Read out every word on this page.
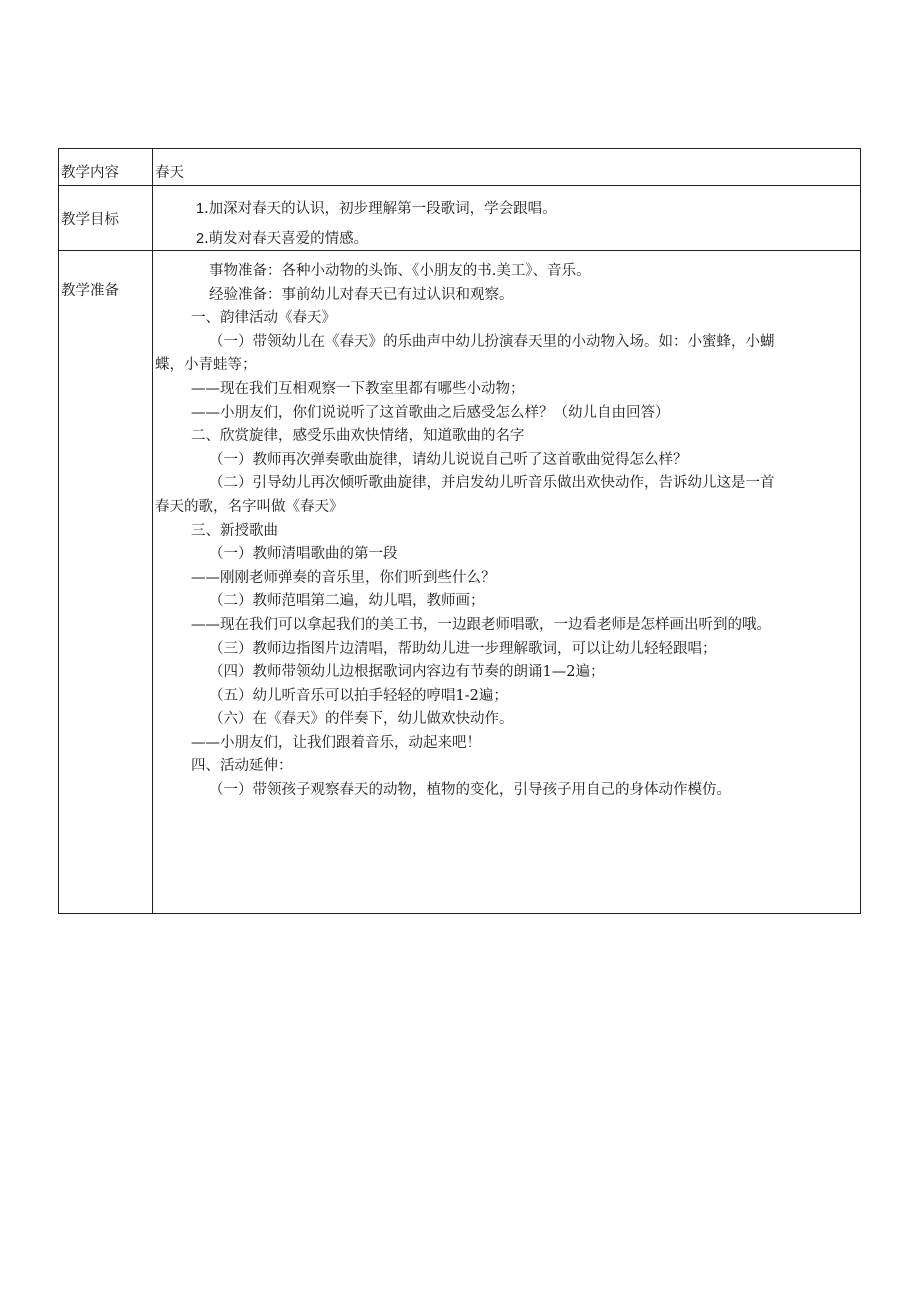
教学内容 春天
教学目标
1.加深对春天的认识，初步理解第一段歌词，学会跟唱。
2.萌发对春天喜爱的情感。
教学准备

事物准备：各种小动物的头饰、《小朋友的书.美工》、音乐。

经验准备：事前幼儿对春天已有过认识和观察。

一、韵律活动《春天》

（一）带领幼儿在《春天》的乐曲声中幼儿扮演春天里的小动物入场。如：小蜜蜂，小蝴

蝶，小青蛙等；

——现在我们互相观察一下教室里都有哪些小动物；

——小朋友们，你们说说听了这首歌曲之后感受怎么样？（幼儿自由回答）

二、欣赏旋律，感受乐曲欢快情绪，知道歌曲的名字

（一）教师再次弹奏歌曲旋律，请幼儿说说自己听了这首歌曲觉得怎么样？

（二）引导幼儿再次倾听歌曲旋律，并启发幼儿听音乐做出欢快动作，告诉幼儿这是一首

春天的歌，名字叫做《春天》

三、新授歌曲

（一）教师清唱歌曲的第一段

——刚刚老师弹奏的音乐里，你们听到些什么？

（二）教师范唱第二遍，幼儿唱，教师画；

——现在我们可以拿起我们的美工书，一边跟老师唱歌，一边看老师是怎样画出听到的哦。

（三）教师边指图片边清唱，帮助幼儿进一步理解歌词，可以让幼儿轻轻跟唱；

（四）教师带领幼儿边根据歌词内容边有节奏的朗诵1—2遍；

（五）幼儿听音乐可以拍手轻轻的哼唱1-2遍；

（六）在《春天》的伴奏下，幼儿做欢快动作。

——小朋友们，让我们跟着音乐，动起来吧！

四、活动延伸：

（一）带领孩子观察春天的动物，植物的变化，引导孩子用自己的身体动作模仿。
